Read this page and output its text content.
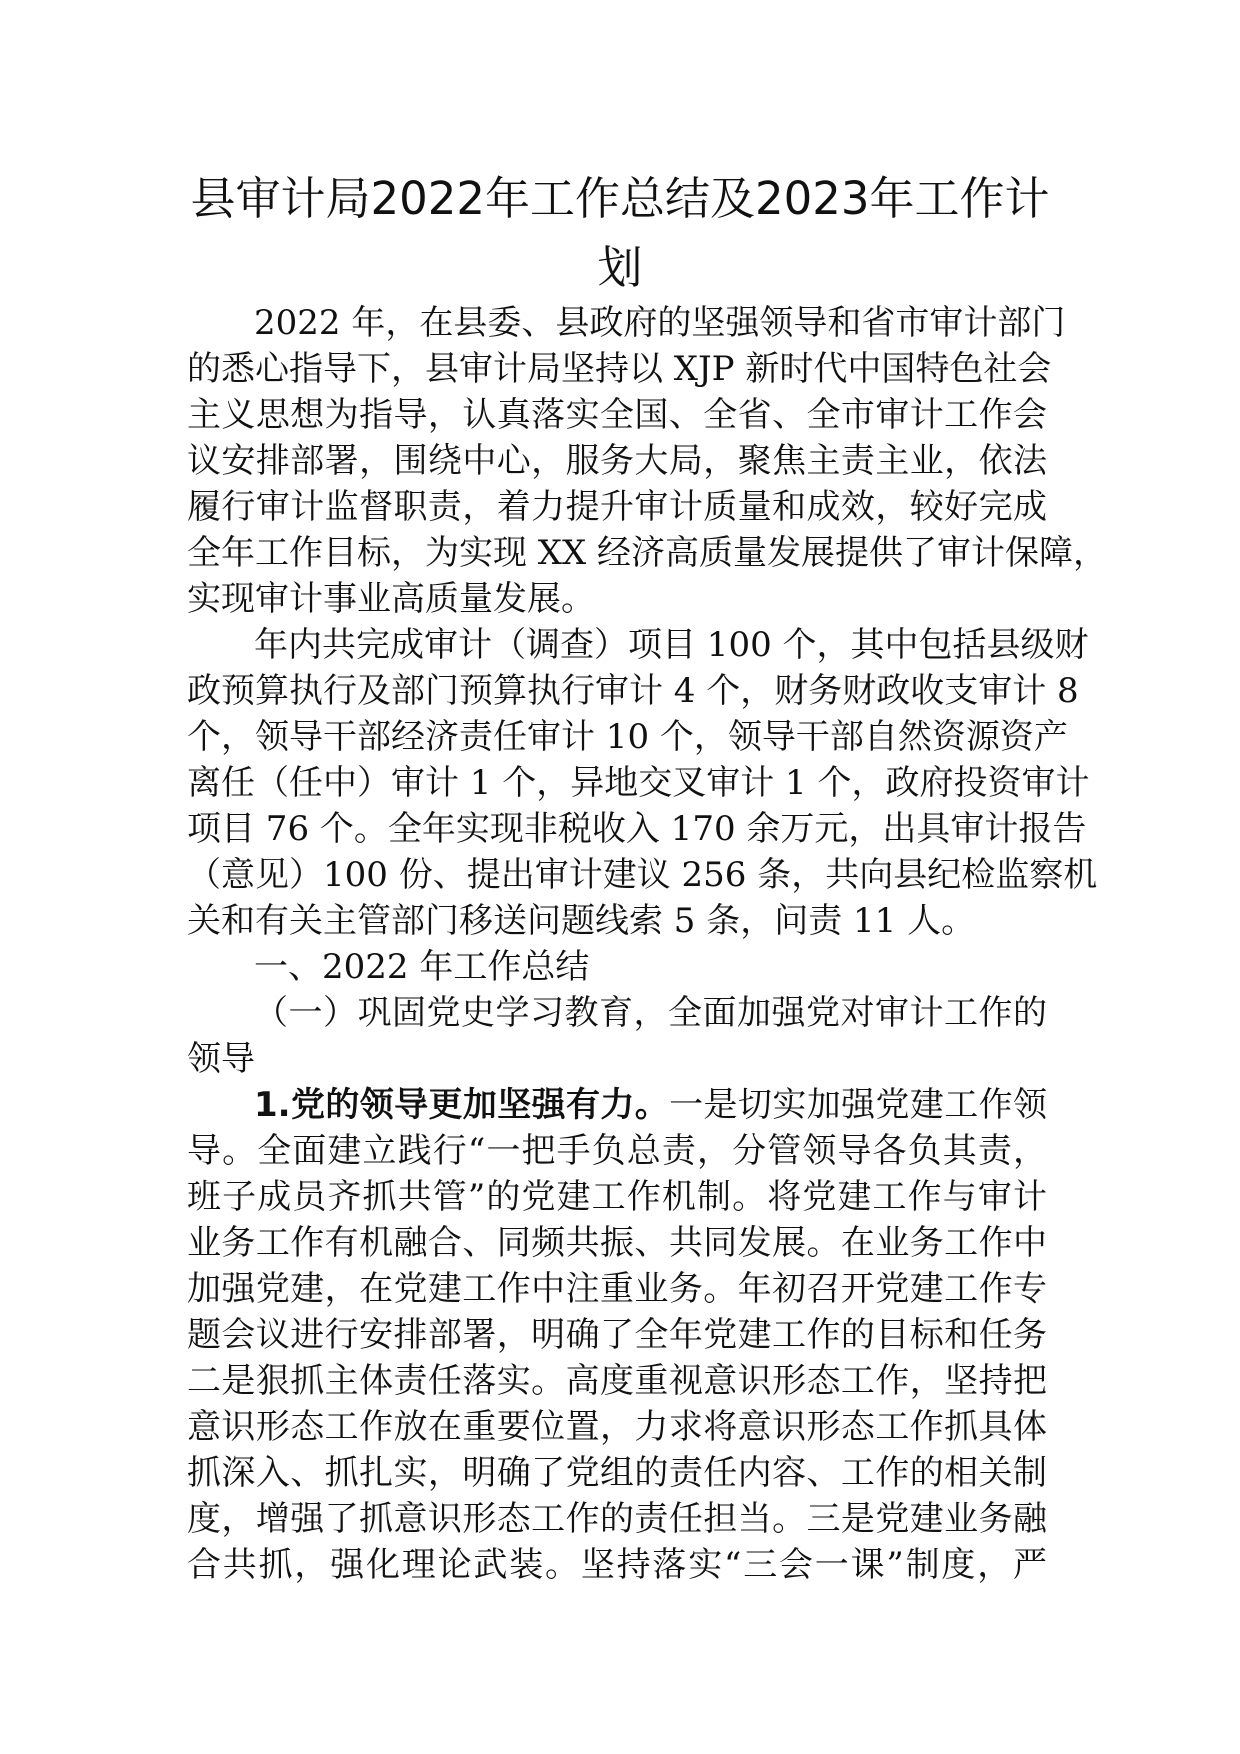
县审计局2022年工作总结及2023年工作计
划
2022 年，在县委、县政府的坚强领导和省市审计部门
的悉心指导下，县审计局坚持以 XJP 新时代中国特色社会
主义思想为指导，认真落实全国、全省、全市审计工作会
议安排部署，围绕中心，服务大局，聚焦主责主业，依法
履行审计监督职责，着力提升审计质量和成效，较好完成
全年工作目标，为实现 XX 经济高质量发展提供了审计保障，
实现审计事业高质量发展。
年内共完成审计（调查）项目 100 个，其中包括县级财
政预算执行及部门预算执行审计 4 个，财务财政收支审计 8
个，领导干部经济责任审计 10 个，领导干部自然资源资产
离任（任中）审计 1 个，异地交叉审计 1 个，政府投资审计
项目 76 个。全年实现非税收入 170 余万元，出具审计报告
（意见）100 份、提出审计建议 256 条，共向县纪检监察机
关和有关主管部门移送问题线索 5 条，问责 11 人。
一、2022 年工作总结
（一）巩固党史学习教育，全面加强党对审计工作的
领导
1.党的领导更加坚强有力。一是切实加强党建工作领
导。全面建立践行“一把手负总责，分管领导各负其责，
班子成员齐抓共管”的党建工作机制。将党建工作与审计
业务工作有机融合、同频共振、共同发展。在业务工作中
加强党建，在党建工作中注重业务。年初召开党建工作专
题会议进行安排部署，明确了全年党建工作的目标和任务
二是狠抓主体责任落实。高度重视意识形态工作，坚持把
意识形态工作放在重要位置，力求将意识形态工作抓具体
抓深入、抓扎实，明确了党组的责任内容、工作的相关制
度，增强了抓意识形态工作的责任担当。三是党建业务融
合共抓，强化理论武装。坚持落实“三会一课”制度，严
